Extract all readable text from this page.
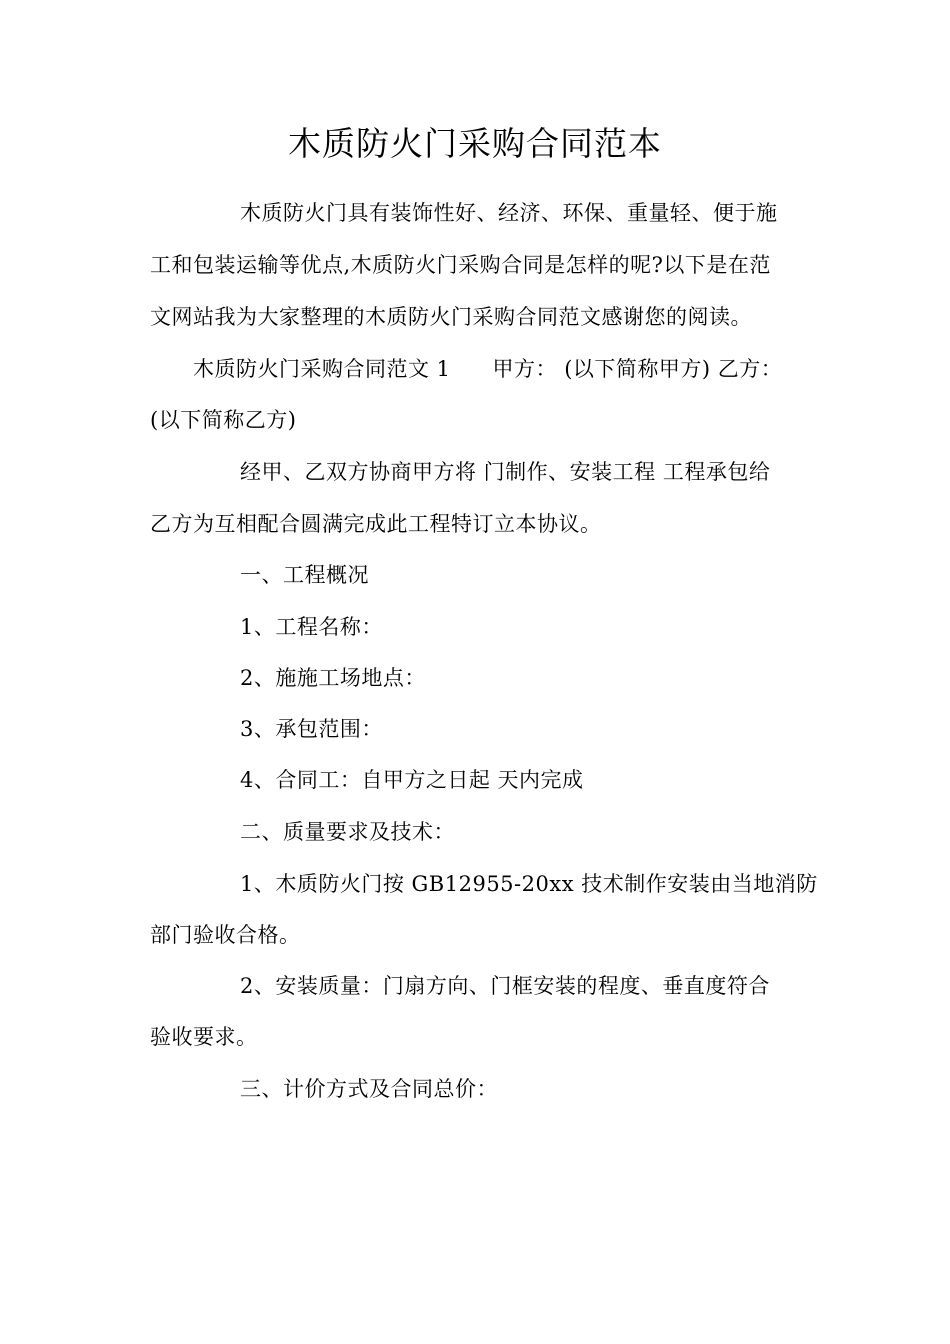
木质防火门采购合同范本
木质防火门具有装饰性好、经济、环保、重量轻、便于施
工和包装运输等优点,木质防火门采购合同是怎样的呢?以下是在范
文网站我为大家整理的木质防火门采购合同范文感谢您的阅读。
木质防火门采购合同范文 1 甲方： (以下简称甲方) 乙方：
(以下简称乙方)
经甲、乙双方协商甲方将 门制作、安装工程 工程承包给
乙方为互相配合圆满完成此工程特订立本协议。
一、工程概况
1、工程名称：
2、施施工场地点：
3、承包范围：
4、合同工：自甲方之日起 天内完成
二、质量要求及技术：
1、木质防火门按 GB12955-20xx 技术制作安装由当地消防
部门验收合格。
2、安装质量：门扇方向、门框安装的程度、垂直度符合
验收要求。
三、计价方式及合同总价：
